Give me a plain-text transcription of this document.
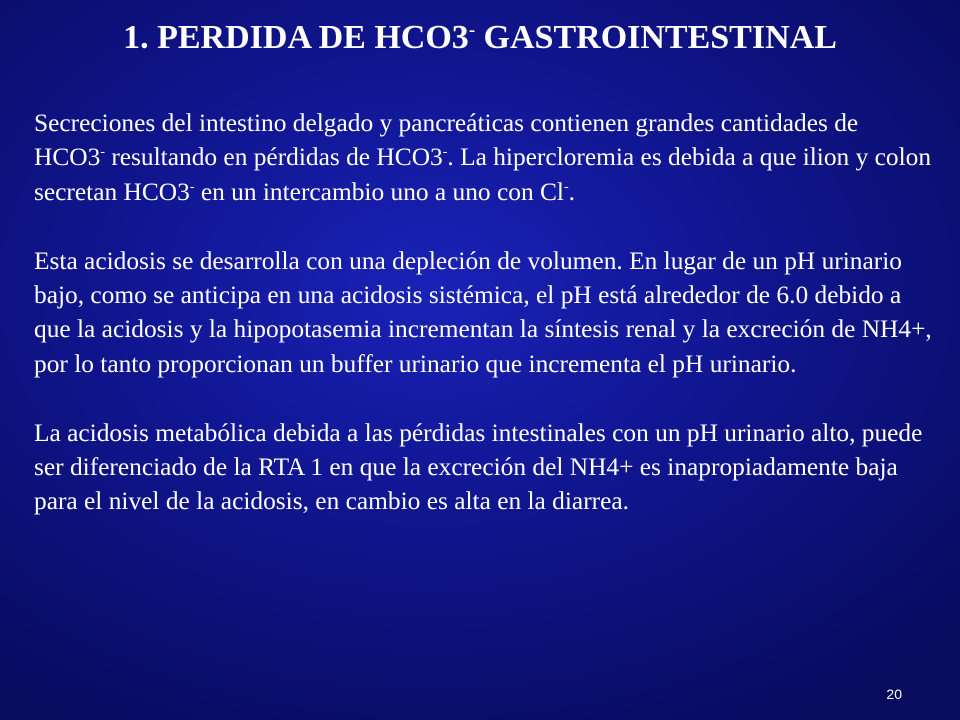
1. PERDIDA DE HCO3- GASTROINTESTINAL

Secreciones del intestino delgado y pancreáticas contienen grandes cantidades de HCO3- resultando en pérdidas de HCO3-. La hipercloremia es debida a que ilion y colon secretan HCO3- en un intercambio uno a uno con Cl-.

Esta acidosis se desarrolla con una depleción de volumen. En lugar de un pH urinario bajo, como se anticipa en una acidosis sistémica, el pH está alrededor de 6.0 debido a que la acidosis y la hipopotasemia incrementan la síntesis renal y la excreción de NH4+, por lo tanto proporcionan un buffer urinario que incrementa el pH urinario.

La acidosis metabólica debida a las pérdidas intestinales con un pH urinario alto, puede ser diferenciado de la RTA 1 en que la excreción del NH4+ es inapropiadamente baja para el nivel de la acidosis, en cambio es alta en la diarrea.

20
